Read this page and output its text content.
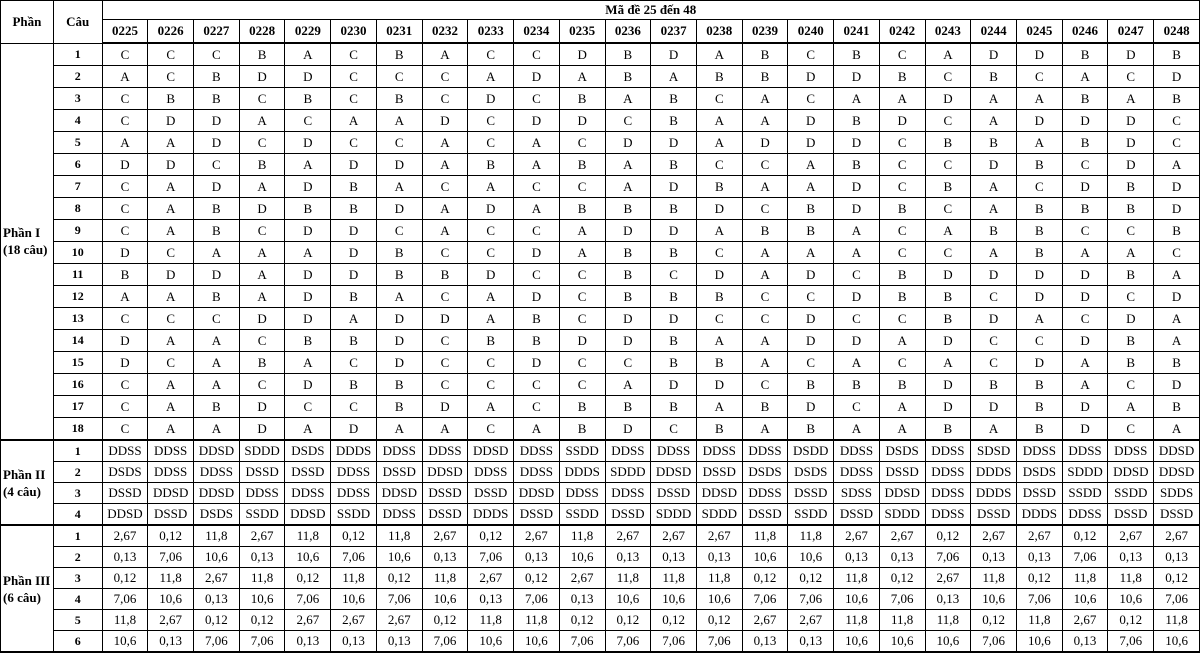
Phần	Câu	Mã đề 25 đến 48																							
		0225	0226	0227	0228	0229	0230	0231	0232	0233	0234	0235	0236	0237	0238	0239	0240	0241	0242	0243	0244	0245	0246	0247	0248

Phần I
(18 câu)	1	C	C	C	B	A	C	B	A	C	C	D	B	D	A	B	C	B	C	A	D	D	B	D	B
	2	A	C	B	D	D	C	C	C	A	D	A	B	A	B	B	D	D	B	C	B	C	A	C	D
	3	C	B	B	C	B	C	B	C	D	C	B	A	B	C	A	C	A	A	D	A	A	B	A	B
	4	C	D	D	A	C	A	A	D	C	D	D	C	B	A	A	D	B	D	C	A	D	D	D	C
	5	A	A	D	C	D	C	C	A	C	A	C	D	D	A	D	D	D	C	B	B	A	B	D	C
	6	D	D	C	B	A	D	D	A	B	A	B	A	B	C	C	A	B	C	C	D	B	C	D	A
	7	C	A	D	A	D	B	A	C	A	C	C	A	D	B	A	A	D	C	B	A	C	D	B	D
	8	C	A	B	D	B	B	D	A	D	A	B	B	B	D	C	B	D	B	C	A	B	B	B	D
	9	C	A	B	C	D	D	C	A	C	C	A	D	D	A	B	B	A	C	A	B	B	C	C	B
	10	D	C	A	A	A	D	B	C	C	D	A	B	B	C	A	A	A	C	C	A	B	A	A	C
	11	B	D	D	A	D	D	B	B	D	C	C	B	C	D	A	D	C	B	D	D	D	D	B	A
	12	A	A	B	A	D	B	A	C	A	D	C	B	B	B	C	C	D	B	B	C	D	D	C	D
	13	C	C	C	D	D	A	D	D	A	B	C	D	D	C	C	D	C	C	B	D	A	C	D	A
	14	D	A	A	C	B	B	D	C	B	B	D	D	B	A	A	D	D	A	D	C	C	D	B	A
	15	D	C	A	B	A	C	D	C	C	D	C	C	B	B	A	C	A	C	A	C	D	A	B	B
	16	C	A	A	C	D	B	B	C	C	C	C	A	D	D	C	B	B	B	D	B	B	A	C	D
	17	C	A	B	D	C	C	B	D	A	C	B	B	B	A	B	D	C	A	D	D	B	D	A	B
	18	C	A	A	D	A	D	A	A	C	A	B	D	C	B	A	B	A	A	B	A	B	D	C	A

Phần II
(4 câu)	1	DDSS	DDSS	DDSD	SDDD	DSDS	DDDS	DDSS	DDSS	DDSD	DDSS	SSDD	DDSS	DDSS	DDSS	DDSS	DSDD	DDSS	DSDS	DDSS	SDSD	DDSS	DDSS	DDSS	DDSD
	2	DSDS	DDSS	DDSS	DSSD	DSSD	DDSS	DSSD	DDSD	DDSS	DDSS	DDDS	SDDD	DDSD	DSSD	DSDS	DSDS	DDSS	DSSD	DDSS	DDDS	DSDS	SDDD	DDSD	DDSD
	3	DSSD	DDSD	DDSD	DDSS	DDSS	DDSS	DDSD	DSSD	DSSD	DDSD	DDSS	DDSS	DSSD	DDSD	DDSS	DSSD	SDSS	DDSD	DDSS	DDDS	DSSD	SSDD	SSDD	SDDS
	4	DDSD	DSSD	DSDS	SSDD	DDSD	SSDD	DDSS	DSSD	DDDS	DSSD	SSDD	DSSD	SDDD	SDDD	DSSD	SSDD	DSSD	SDDD	DDSS	DSSD	DDDS	DDSS	DSSD	DSSD

Phần III
(6 câu)	1	2,67	0,12	11,8	2,67	11,8	0,12	11,8	2,67	0,12	2,67	11,8	2,67	2,67	2,67	11,8	11,8	2,67	2,67	0,12	2,67	2,67	0,12	2,67	2,67
	2	0,13	7,06	10,6	0,13	10,6	7,06	10,6	0,13	7,06	0,13	10,6	0,13	0,13	0,13	10,6	10,6	0,13	0,13	7,06	0,13	0,13	7,06	0,13	0,13
	3	0,12	11,8	2,67	11,8	0,12	11,8	0,12	11,8	2,67	0,12	2,67	11,8	11,8	11,8	0,12	0,12	11,8	0,12	2,67	11,8	0,12	11,8	11,8	0,12
	4	7,06	10,6	0,13	10,6	7,06	10,6	7,06	10,6	0,13	7,06	0,13	10,6	10,6	10,6	7,06	7,06	10,6	7,06	0,13	10,6	7,06	10,6	10,6	7,06
	5	11,8	2,67	0,12	0,12	2,67	2,67	2,67	0,12	11,8	11,8	0,12	0,12	0,12	0,12	2,67	2,67	11,8	11,8	11,8	0,12	11,8	2,67	0,12	11,8
	6	10,6	0,13	7,06	7,06	0,13	0,13	0,13	7,06	10,6	10,6	7,06	7,06	7,06	7,06	0,13	0,13	10,6	10,6	10,6	7,06	10,6	0,13	7,06	10,6
